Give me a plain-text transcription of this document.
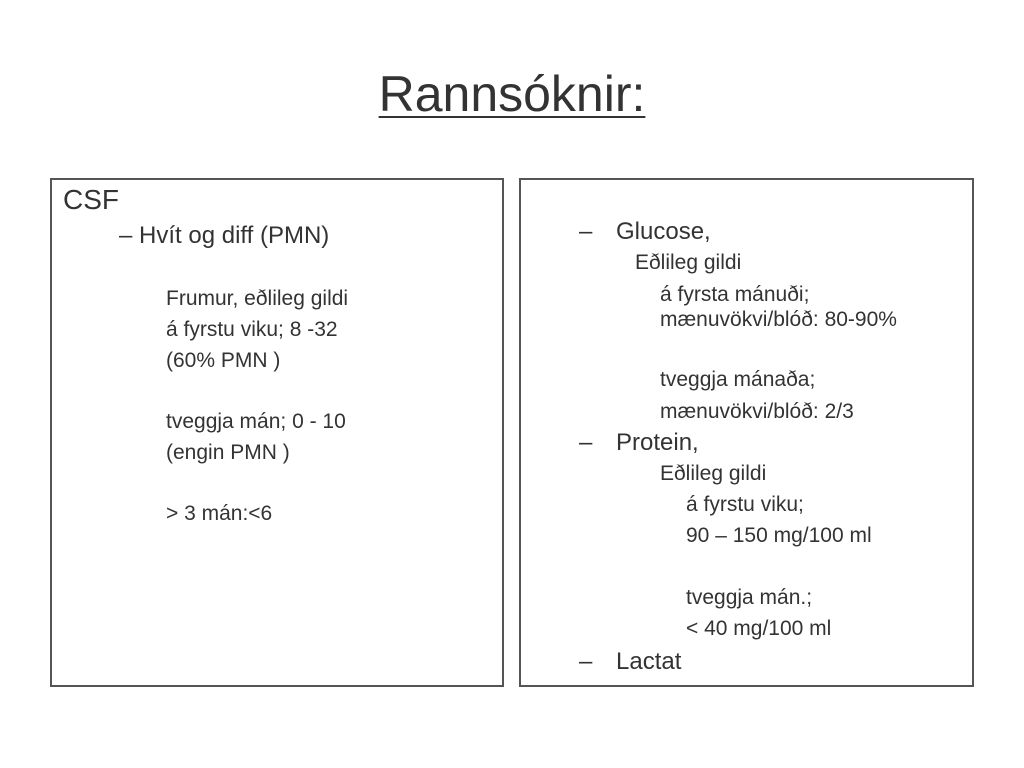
Rannsóknir:
CSF
– Hvít og diff (PMN)
Frumur, eðlileg gildi
á fyrstu viku; 8 -32
(60% PMN )
tveggja mán; 0 - 10
(engin PMN )
> 3 mán:<6
– Glucose,
Eðlileg gildi
á fyrsta mánuði;
mænuvökvi/blóð: 80-90%
tveggja mánaða;
mænuvökvi/blóð: 2/3
– Protein,
Eðlileg gildi
á fyrstu viku;
90 – 150 mg/100 ml
tveggja mán.;
< 40 mg/100 ml
– Lactat
